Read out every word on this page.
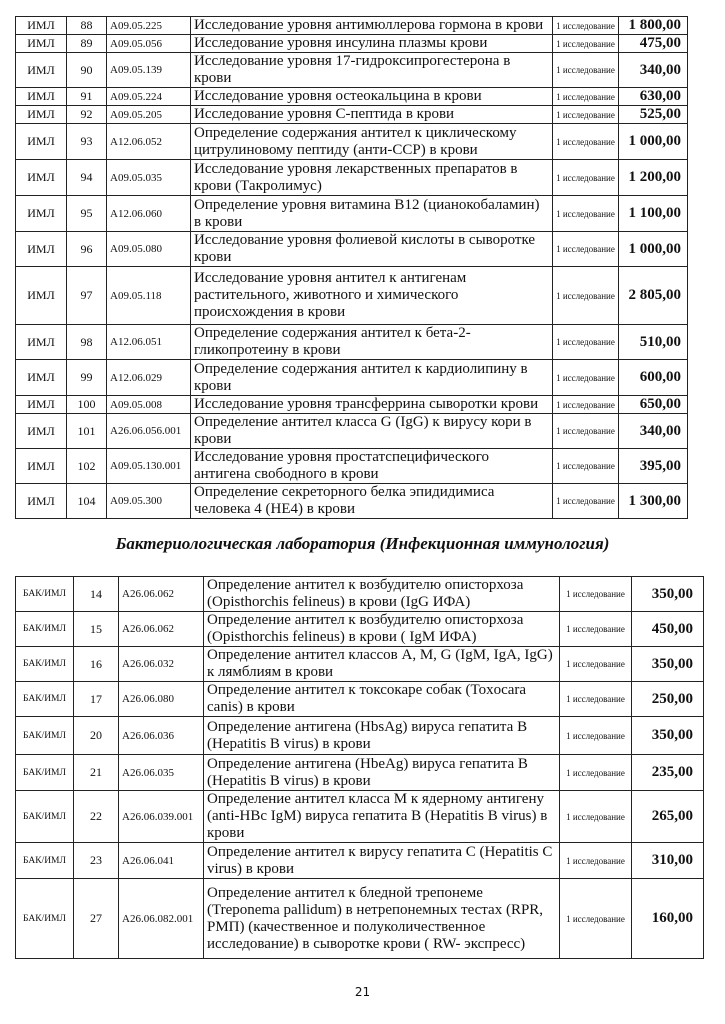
ИМЛ	88	A09.05.225	Исследование уровня антимюллерова гормона в крови	1 исследование	1 800,00
ИМЛ	89	A09.05.056	Исследование уровня инсулина плазмы крови	1 исследование	475,00
ИМЛ	90	A09.05.139	Исследование уровня 17-гидроксипрогестерона в крови	1 исследование	340,00
ИМЛ	91	A09.05.224	Исследование уровня остеокальцина в крови	1 исследование	630,00
ИМЛ	92	A09.05.205	Исследование уровня С-пептида в крови	1 исследование	525,00
ИМЛ	93	A12.06.052	Определение содержания антител к циклическому цитрулиновому пептиду (анти-CCP) в крови	1 исследование	1 000,00
ИМЛ	94	A09.05.035	Исследование уровня лекарственных препаратов в крови (Такролимус)	1 исследование	1 200,00
ИМЛ	95	A12.06.060	Определение уровня витамина В12 (цианокобаламин) в крови	1 исследование	1 100,00
ИМЛ	96	A09.05.080	Исследование уровня фолиевой кислоты в сыворотке крови	1 исследование	1 000,00
ИМЛ	97	A09.05.118	Исследование уровня антител к антигенам растительного, животного и химического происхождения в крови	1 исследование	2 805,00
ИМЛ	98	A12.06.051	Определение содержания антител к бета-2-гликопротеину в крови	1 исследование	510,00
ИМЛ	99	A12.06.029	Определение содержания антител к кардиолипину в крови	1 исследование	600,00
ИМЛ	100	A09.05.008	Исследование уровня трансферрина сыворотки крови	1 исследование	650,00
ИМЛ	101	A26.06.056.001	Определение антител класса G (IgG) к вирусу кори в крови	1 исследование	340,00
ИМЛ	102	A09.05.130.001	Исследование уровня простатспецифического антигена свободного в крови	1 исследование	395,00
ИМЛ	104	A09.05.300	Определение секреторного белка эпидидимиса человека 4 (HE4) в крови	1 исследование	1 300,00
Бактериологическая лаборатория (Инфекционная иммунология)
БАК/ИМЛ	14	A26.06.062	Определение антител к возбудителю описторхоза (Opisthorchis felineus) в крови (IgG ИФА)	1 исследование	350,00
БАК/ИМЛ	15	A26.06.062	Определение антител к возбудителю описторхоза (Opisthorchis felineus) в крови ( IgM ИФА)	1 исследование	450,00
БАК/ИМЛ	16	A26.06.032	Определение антител классов A, M, G (IgM, IgA, IgG) к лямблиям в крови	1 исследование	350,00
БАК/ИМЛ	17	A26.06.080	Определение антител к токсокаре собак (Toxocara canis) в крови	1 исследование	250,00
БАК/ИМЛ	20	A26.06.036	Определение антигена (HbsAg) вируса гепатита В (Hepatitis B virus) в крови	1 исследование	350,00
БАК/ИМЛ	21	A26.06.035	Определение антигена (HbeAg) вируса гепатита В (Hepatitis B virus) в крови	1 исследование	235,00
БАК/ИМЛ	22	A26.06.039.001	Определение антител класса М к ядерному антигену (anti-HBc IgM) вируса гепатита В (Hepatitis B virus) в крови	1 исследование	265,00
БАК/ИМЛ	23	A26.06.041	Определение антител к вирусу гепатита С (Hepatitis C virus) в крови	1 исследование	310,00
БАК/ИМЛ	27	A26.06.082.001	Определение антител к бледной трепонеме (Treponema pallidum) в нетрепонемных тестах (RPR, PMП) (качественное и полуколичественное исследование) в сыворотке крови ( RW- экспресс)	1 исследование	160,00
21
